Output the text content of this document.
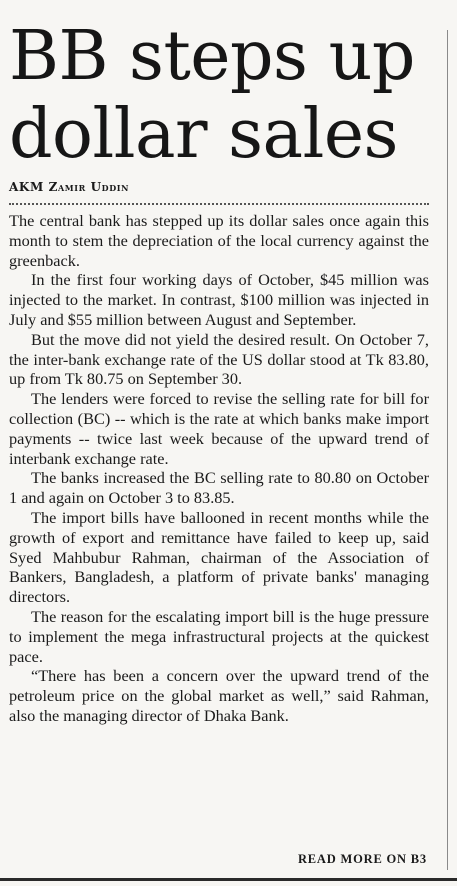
BB steps up dollar sales
AKM Zamir Uddin

The central bank has stepped up its dollar sales once again this month to stem the depreciation of the local currency against the greenback.

In the first four working days of October, $45 million was injected to the market. In contrast, $100 million was injected in July and $55 million between August and September.

But the move did not yield the desired result. On October 7, the inter-bank exchange rate of the US dollar stood at Tk 83.80, up from Tk 80.75 on September 30.

The lenders were forced to revise the selling rate for bill for collection (BC) -- which is the rate at which banks make import payments -- twice last week because of the upward trend of interbank exchange rate.

The banks increased the BC selling rate to 80.80 on October 1 and again on October 3 to 83.85.

The import bills have ballooned in recent months while the growth of export and remittance have failed to keep up, said Syed Mahbubur Rahman, chairman of the Association of Bankers, Bangladesh, a platform of private banks' managing directors.

The reason for the escalating import bill is the huge pressure to implement the mega infrastructural projects at the quickest pace.

“There has been a concern over the upward trend of the petroleum price on the global market as well,” said Rahman, also the managing director of Dhaka Bank.

READ MORE ON B3
